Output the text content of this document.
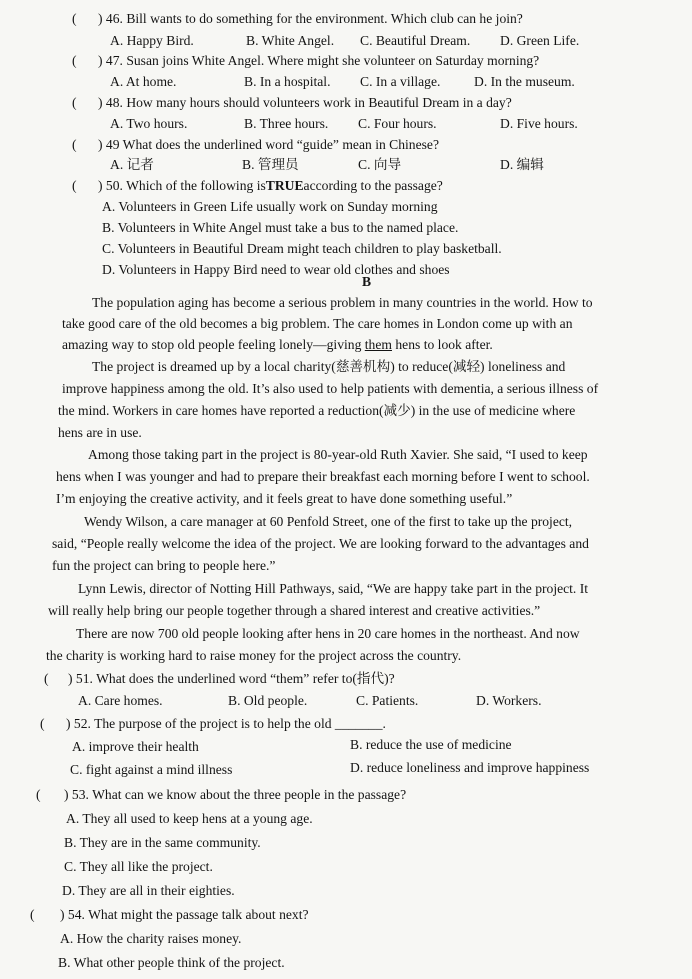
( ) 46. Bill wants to do something for the environment. Which club can he join?
A. Happy Bird.	B. White Angel. C. Beautiful Dream. D. Green Life.
( ) 47. Susan joins White Angel. Where might she volunteer on Saturday morning?
A. At home.	B. In a hospital. C. In a village. D. In the museum.
( ) 48. How many hours should volunteers work in Beautiful Dream in a day?
A. Two hours.	B. Three hours. C. Four hours.	D. Five hours.
( ) 49 What does the underlined word “guide” mean in Chinese?
A. 记者	B. 管理员	C. 向导	D. 编辑
( ) 50. Which of the following isTRUEaccording to the passage?
A. Volunteers in Green Life usually work on Sunday morning
B. Volunteers in White Angel must take a bus to the named place.
C. Volunteers in Beautiful Dream might teach children to play basketball.
D. Volunteers in Happy Bird need to wear old clothes and shoes
B
The population aging has become a serious problem in many countries in the world. How to
take good care of the old becomes a big problem. The care homes in London come up with an
amazing way to stop old people feeling lonely—giving them hens to look after.
The project is dreamed up by a local charity(慈善机构) to reduce(减轻) loneliness and
improve happiness among the old. It’s also used to help patients with dementia, a serious illness of
the mind. Workers in care homes have reported a reduction(减少) in the use of medicine where
hens are in use.
Among those taking part in the project is 80-year-old Ruth Xavier. She said, “I used to keep
hens when I was younger and had to prepare their breakfast each morning before I went to school.
I’m enjoying the creative activity, and it feels great to have done something useful.”
Wendy Wilson, a care manager at 60 Penfold Street, one of the first to take up the project,
said, “People really welcome the idea of the project. We are looking forward to the advantages and
fun the project can bring to people here.”
Lynn Lewis, director of Notting Hill Pathways, said, “We are happy take part in the project. It
will really help bring our people together through a shared interest and creative activities.”
There are now 700 old people looking after hens in 20 care homes in the northeast. And now
the charity is working hard to raise money for the project across the country.
( ) 51. What does the underlined word “them” refer to(指代)?
A. Care homes.	B. Old people.	C. Patients.	D. Workers.
( ) 52. The purpose of the project is to help the old _______.
A. improve their health	B. reduce the use of medicine
C. fight against a mind illness	D. reduce loneliness and improve happiness
( ) 53. What can we know about the three people in the passage?
A. They all used to keep hens at a young age.
B. They are in the same community.
C. They all like the project.
D. They are all in their eighties.
( ) 54. What might the passage talk about next?
A. How the charity raises money.
B. What other people think of the project.
